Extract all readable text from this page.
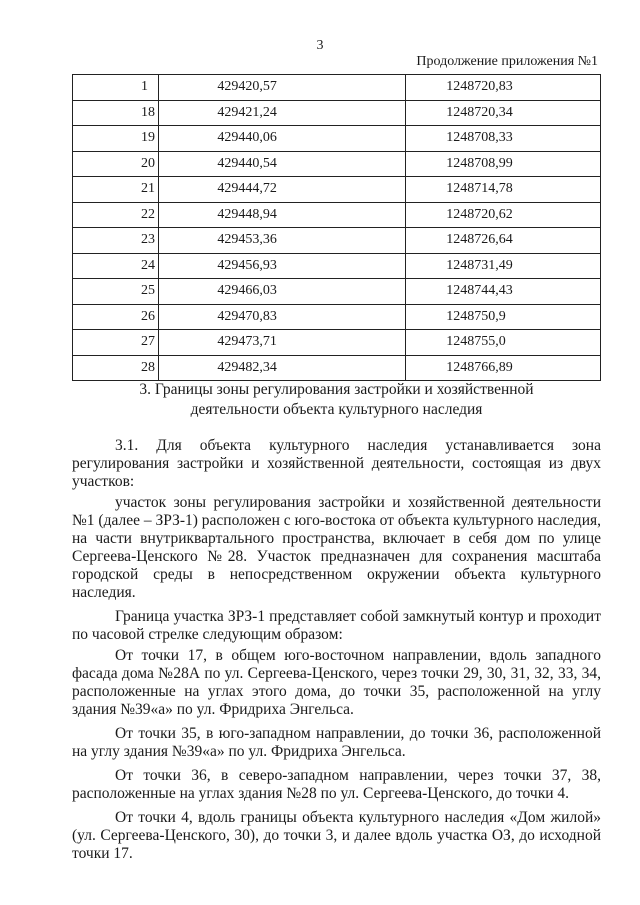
3
Продолжение приложения №1
1	429420,57	1248720,83
18	429421,24	1248720,34
19	429440,06	1248708,33
20	429440,54	1248708,99
21	429444,72	1248714,78
22	429448,94	1248720,62
23	429453,36	1248726,64
24	429456,93	1248731,49
25	429466,03	1248744,43
26	429470,83	1248750,9
27	429473,71	1248755,0
28	429482,34	1248766,89
3. Границы зоны регулирования застройки и хозяйственной
деятельности объекта культурного наследия

3.1. Для объекта культурного наследия устанавливается зона регулирования застройки и хозяйственной деятельности, состоящая из двух участков:

участок зоны регулирования застройки и хозяйственной деятельности №1 (далее – ЗРЗ-1) расположен с юго-востока от объекта культурного наследия, на части внутриквартального пространства, включает в себя дом по улице Сергеева-Ценского №28. Участок предназначен для сохранения масштаба городской среды в непосредственном окружении объекта культурного наследия.

Граница участка ЗРЗ-1 представляет собой замкнутый контур и проходит по часовой стрелке следующим образом:

От точки 17, в общем юго-восточном направлении, вдоль западного фасада дома №28А по ул. Сергеева-Ценского, через точки 29, 30, 31, 32, 33, 34, расположенные на углах этого дома, до точки 35, расположенной на углу здания №39«а» по ул. Фридриха Энгельса.

От точки 35, в юго-западном направлении, до точки 36, расположенной на углу здания №39«а» по ул. Фридриха Энгельса.

От точки 36, в северо-западном направлении, через точки 37, 38, расположенные на углах здания №28 по ул. Сергеева-Ценского, до точки 4.

От точки 4, вдоль границы объекта культурного наследия «Дом жилой» (ул. Сергеева-Ценского, 30), до точки 3, и далее вдоль участка ОЗ, до исходной точки 17.
